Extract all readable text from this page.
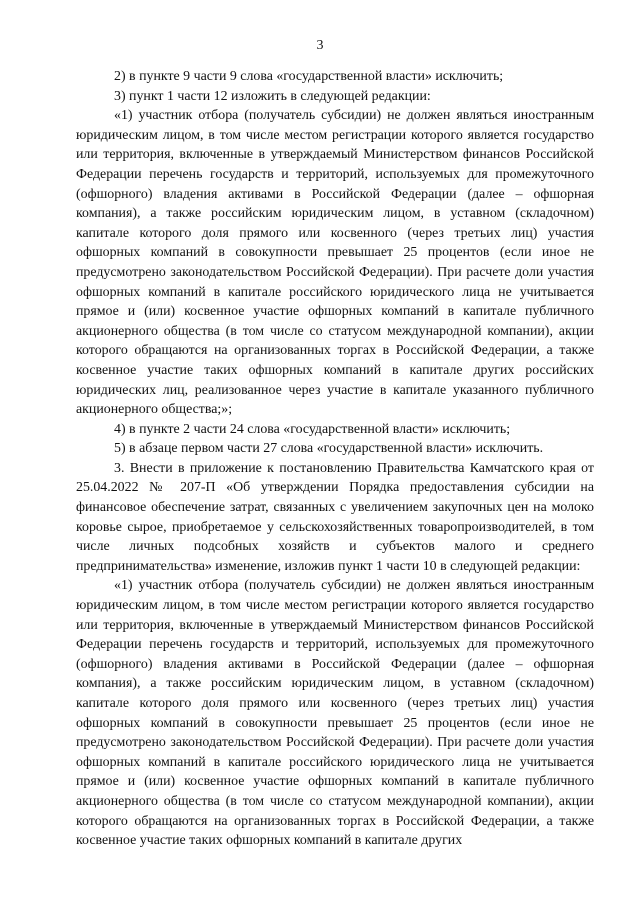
3

2) в пункте 9 части 9 слова «государственной власти» исключить;

3) пункт 1 части 12 изложить в следующей редакции:

«1) участник отбора (получатель субсидии) не должен являться иностранным юридическим лицом, в том числе местом регистрации которого является государство или территория, включенные в утверждаемый Министерством финансов Российской Федерации перечень государств и территорий, используемых для промежуточного (офшорного) владения активами в Российской Федерации (далее – офшорная компания), а также российским юридическим лицом, в уставном (складочном) капитале которого доля прямого или косвенного (через третьих лиц) участия офшорных компаний в совокупности превышает 25 процентов (если иное не предусмотрено законодательством Российской Федерации). При расчете доли участия офшорных компаний в капитале российского юридического лица не учитывается прямое и (или) косвенное участие офшорных компаний в капитале публичного акционерного общества (в том числе со статусом международной компании), акции которого обращаются на организованных торгах в Российской Федерации, а также косвенное участие таких офшорных компаний в капитале других российских юридических лиц, реализованное через участие в капитале указанного публичного акционерного общества;»;

4) в пункте 2 части 24 слова «государственной власти» исключить;

5) в абзаце первом части 27 слова «государственной власти» исключить.

3. Внести в приложение к постановлению Правительства Камчатского края от 25.04.2022 № 207-П «Об утверждении Порядка предоставления субсидии на финансовое обеспечение затрат, связанных с увеличением закупочных цен на молоко коровье сырое, приобретаемое у сельскохозяйственных товаропроизводителей, в том числе личных подсобных хозяйств и субъектов малого и среднего предпринимательства» изменение, изложив пункт 1 части 10 в следующей редакции:

«1) участник отбора (получатель субсидии) не должен являться иностранным юридическим лицом, в том числе местом регистрации которого является государство или территория, включенные в утверждаемый Министерством финансов Российской Федерации перечень государств и территорий, используемых для промежуточного (офшорного) владения активами в Российской Федерации (далее – офшорная компания), а также российским юридическим лицом, в уставном (складочном) капитале которого доля прямого или косвенного (через третьих лиц) участия офшорных компаний в совокупности превышает 25 процентов (если иное не предусмотрено законодательством Российской Федерации). При расчете доли участия офшорных компаний в капитале российского юридического лица не учитывается прямое и (или) косвенное участие офшорных компаний в капитале публичного акционерного общества (в том числе со статусом международной компании), акции которого обращаются на организованных торгах в Российской Федерации, а также косвенное участие таких офшорных компаний в капитале других
